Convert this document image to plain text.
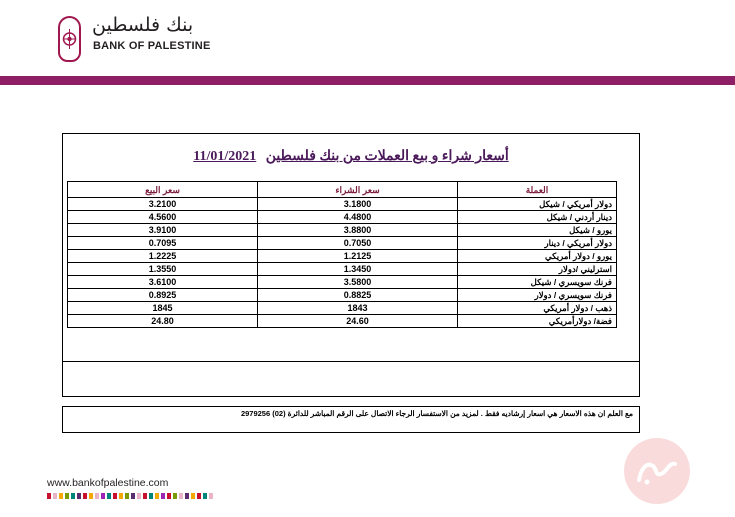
بنك فلسطين
BANK OF PALESTINE
11/01/2021 أسعار شراء و بيع العملات من بنك فلسطين
سعر البيع	سعر الشراء	العملة
3.2100	3.1800	دولار أمريكي / شيكل
4.5600	4.4800	دينار أردني / شيكل
3.9100	3.8800	يورو / شيكل
0.7095	0.7050	دولار أمريكي / دينار
1.2225	1.2125	يورو / دولار أمريكي
1.3550	1.3450	استرليني /دولار
3.6100	3.5800	فرنك سويسري / شيكل
0.8925	0.8825	فرنك سويسري / دولار
1845	1843	ذهب / دولار أمريكي
24.80	24.60	فضة/ دولارأمريكي
مع العلم ان هذه الاسعار هي اسعار إرشاديه فقط . لمزيد من الاستفسار الرجاء الاتصال على الرقم المباشر للدائرة (02) 2979256
www.bankofpalestine.com
